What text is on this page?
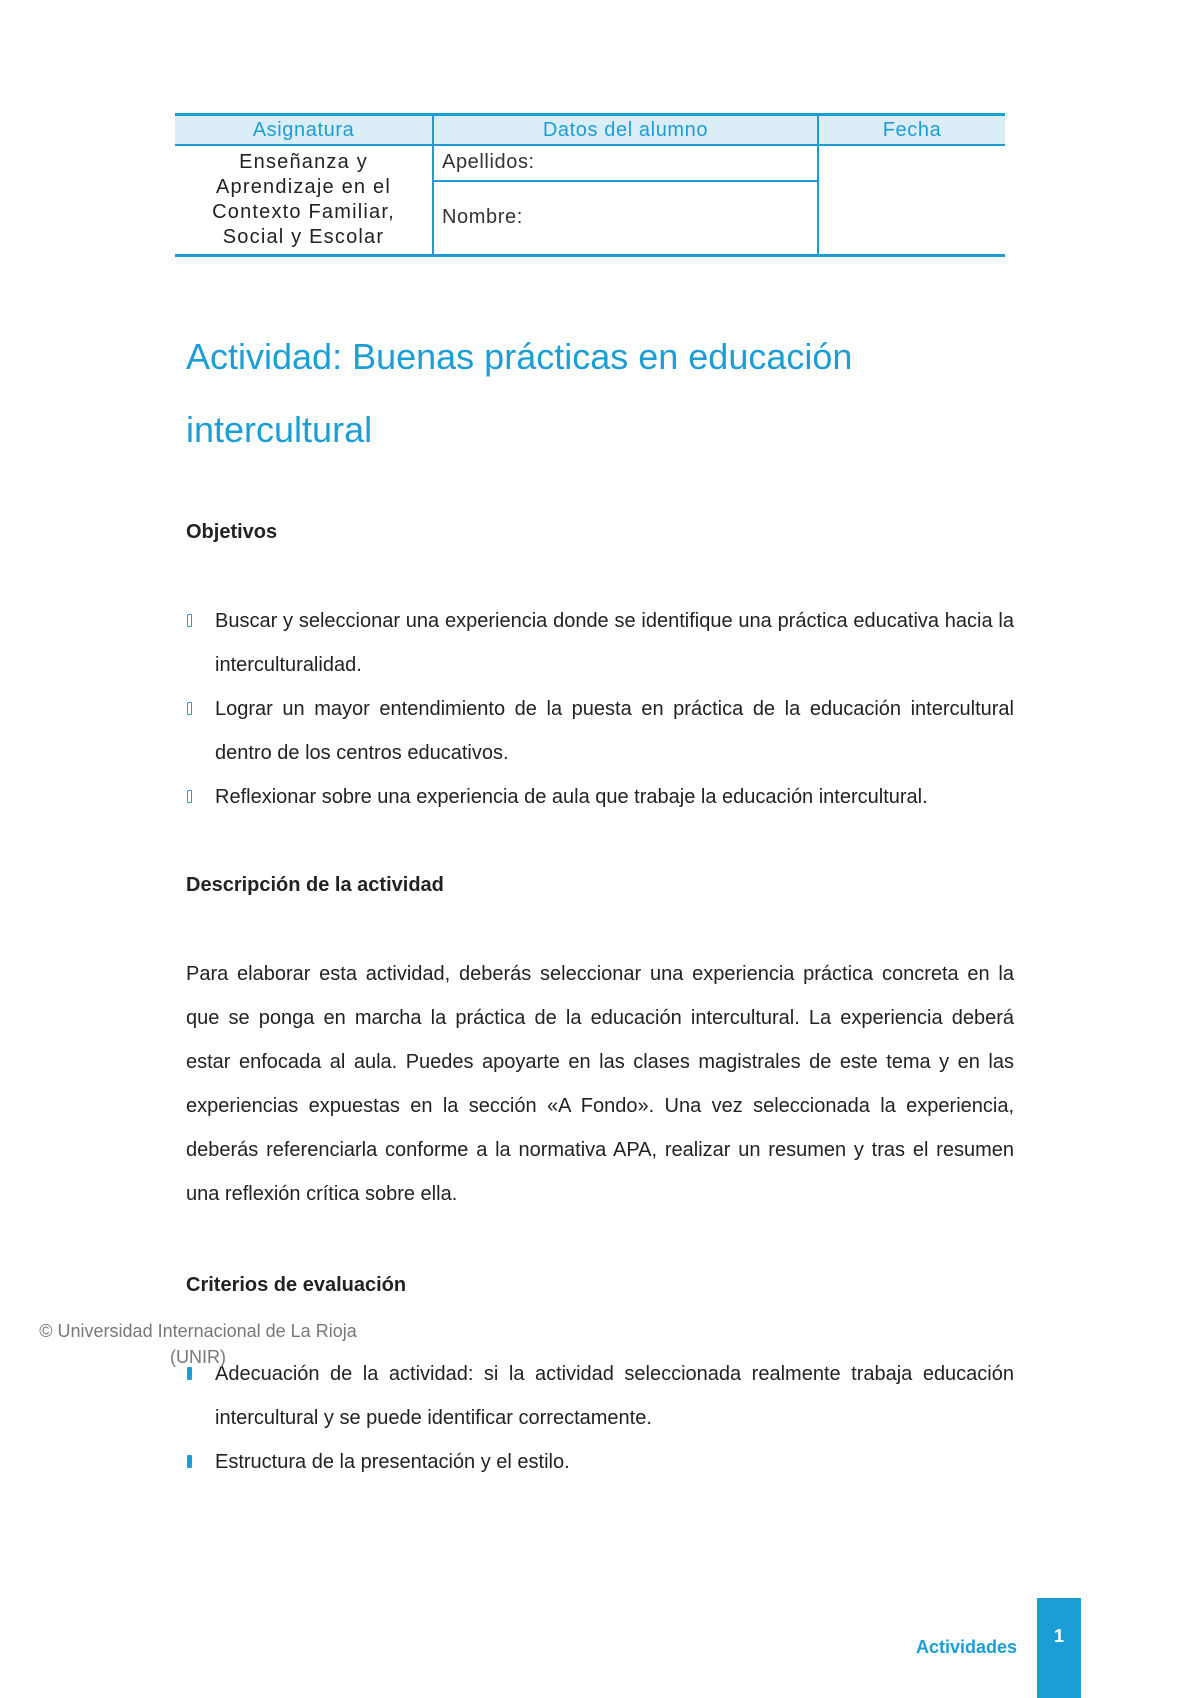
Asignatura	Datos del alumno	Fecha
Enseñanza y Aprendizaje en el Contexto Familiar, Social y Escolar	Apellidos:	
	Nombre:	
Actividad: Buenas prácticas en educación intercultural
Objetivos
Buscar y seleccionar una experiencia donde se identifique una práctica educativa hacia la interculturalidad.
Lograr un mayor entendimiento de la puesta en práctica de la educación intercultural dentro de los centros educativos.
Reflexionar sobre una experiencia de aula que trabaje la educación intercultural.
Descripción de la actividad

Para elaborar esta actividad, deberás seleccionar una experiencia práctica concreta en la que se ponga en marcha la práctica de la educación intercultural. La experiencia deberá estar enfocada al aula. Puedes apoyarte en las clases magistrales de este tema y en las experiencias expuestas en la sección «A Fondo». Una vez seleccionada la experiencia, deberás referenciarla conforme a la normativa APA, realizar un resumen y tras el resumen una reflexión crítica sobre ella.

Criterios de evaluación
Adecuación de la actividad: si la actividad seleccionada realmente trabaja educación intercultural y se puede identificar correctamente.
Estructura de la presentación y el estilo.
© Universidad Internacional de La Rioja (UNIR)
Actividades
1
